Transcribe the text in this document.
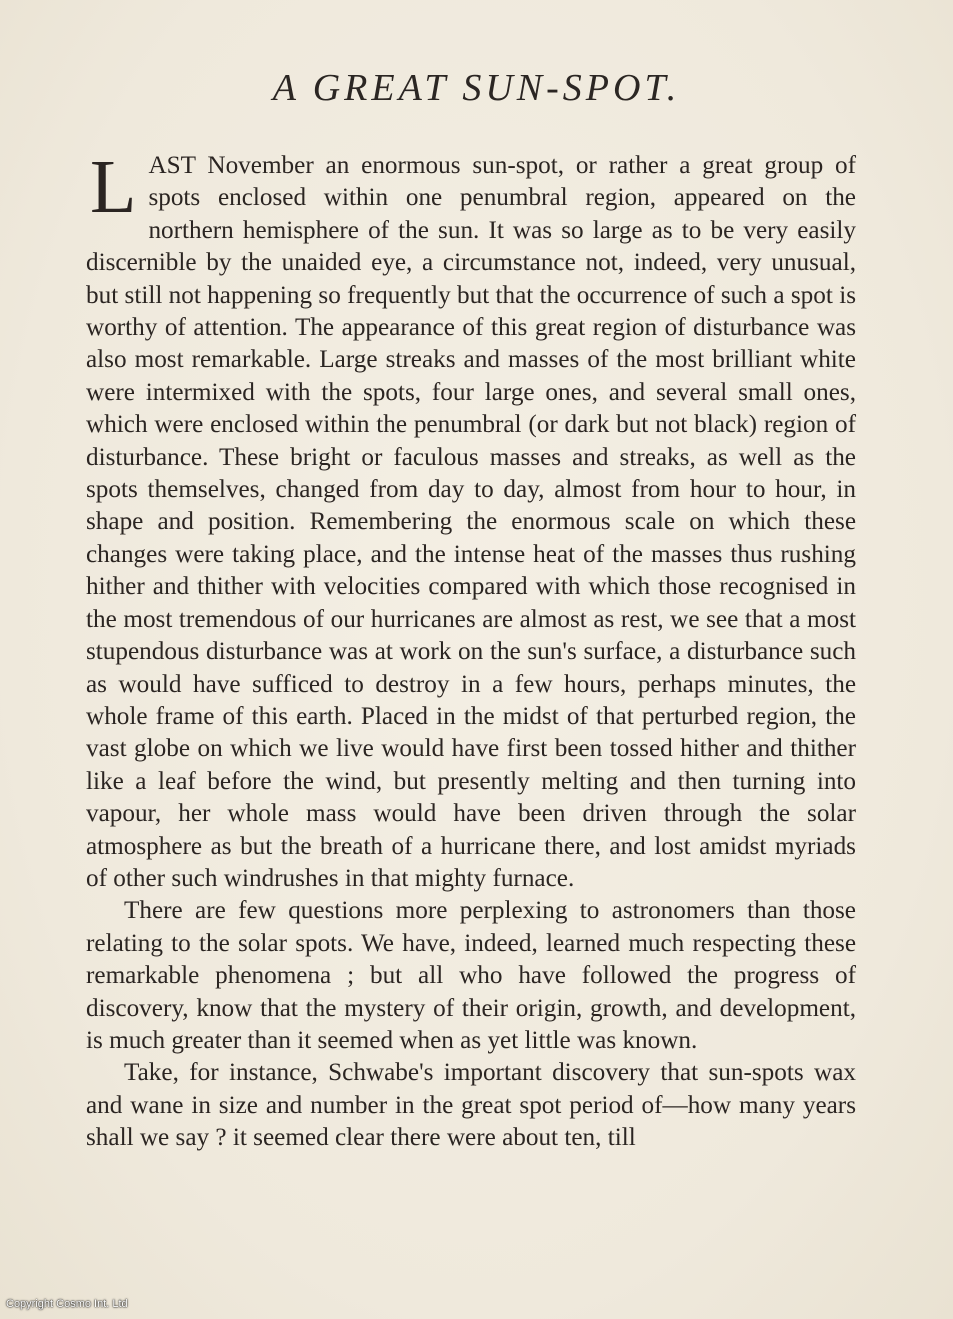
A GREAT SUN-SPOT.

LAST November an enormous sun-spot, or rather a great group of spots enclosed within one penumbral region, appeared on the northern hemisphere of the sun. It was so large as to be very easily discernible by the unaided eye, a circumstance not, indeed, very unusual, but still not happening so frequently but that the occurrence of such a spot is worthy of attention. The appearance of this great region of disturbance was also most remarkable. Large streaks and masses of the most brilliant white were intermixed with the spots, four large ones, and several small ones, which were enclosed within the penumbral (or dark but not black) region of disturbance. These bright or faculous masses and streaks, as well as the spots themselves, changed from day to day, almost from hour to hour, in shape and position. Remembering the enormous scale on which these changes were taking place, and the intense heat of the masses thus rushing hither and thither with velocities compared with which those recognised in the most tremendous of our hurricanes are almost as rest, we see that a most stupendous disturbance was at work on the sun's surface, a disturbance such as would have sufficed to destroy in a few hours, perhaps minutes, the whole frame of this earth. Placed in the midst of that perturbed region, the vast globe on which we live would have first been tossed hither and thither like a leaf before the wind, but presently melting and then turning into vapour, her whole mass would have been driven through the solar atmosphere as but the breath of a hurricane there, and lost amidst myriads of other such windrushes in that mighty furnace.

There are few questions more perplexing to astronomers than those relating to the solar spots. We have, indeed, learned much respecting these remarkable phenomena ; but all who have followed the progress of discovery, know that the mystery of their origin, growth, and development, is much greater than it seemed when as yet little was known.

Take, for instance, Schwabe's important discovery that sun-spots wax and wane in size and number in the great spot period of—how many years shall we say ? it seemed clear there were about ten, till

Copyright Cosmo Int. Ltd
